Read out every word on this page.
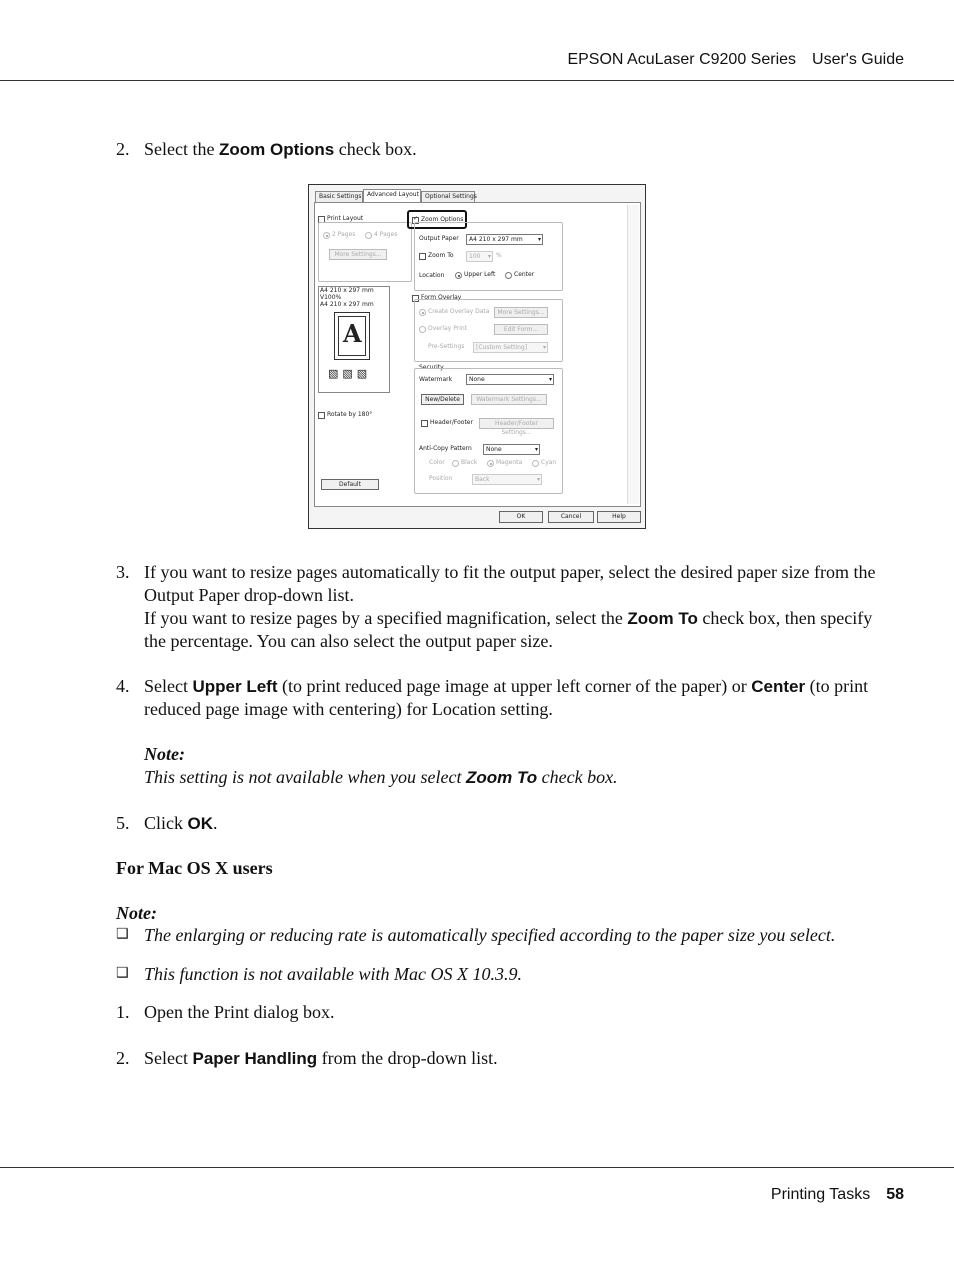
EPSON AcuLaser C9200 Series User's Guide
2. Select the Zoom Options check box.
Basic Settings Advanced Layout	Optional Settings
Print Layout
2 Pages	4 Pages
More Settings...
A4 210 x 297 mm
V100%
A4 210 x 297 mm
A
▧▧▧
Rotate by 180°
Default
✓ Zoom Options
Output Paper	A4 210 x 297 mm ▾
Zoom To	100 ▾	%
Location	Upper Left	Center
Form Overlay
Create Overlay Data	More Settings...
Overlay Print	Edit Form...
Pre-Settings	[Custom Setting] ▾
Security
Watermark	None ▾
New/Delete	Watermark Settings...
Header/Footer	Header/Footer Settings...
Anti-Copy Pattern	None ▾
Color	Black	Magenta	Cyan
Position	Back ▾
OK	Cancel	Help
3. If you want to resize pages automatically to fit the output paper, select the desired paper size from the Output Paper drop-down list.
If you want to resize pages by a specified magnification, select the Zoom To check box, then specify the percentage. You can also select the output paper size.
4. Select Upper Left (to print reduced page image at upper left corner of the paper) or Center (to print reduced page image with centering) for Location setting.
Note:
This setting is not available when you select Zoom To check box.
5. Click OK.
For Mac OS X users
Note:
❑ The enlarging or reducing rate is automatically specified according to the paper size you select.
❑ This function is not available with Mac OS X 10.3.9.
1. Open the Print dialog box.
2. Select Paper Handling from the drop-down list.
Printing Tasks 58
